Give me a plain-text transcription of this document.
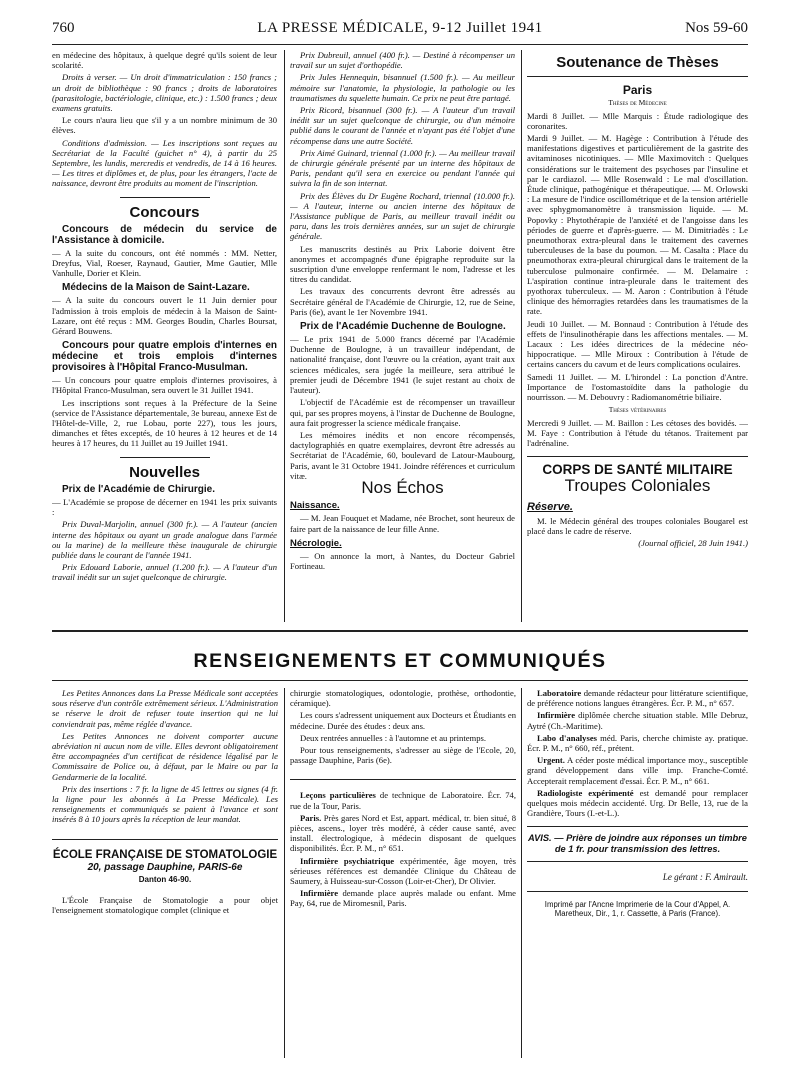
760	LA PRESSE MÉDICALE, 9-12 Juillet 1941	Nos 59-60

en médecine des hôpitaux, à quelque degré qu'ils soient de leur scolarité.

Droits à verser. — Un droit d'immatriculation : 150 francs ; un droit de bibliothèque : 90 francs ; droits de laboratoires (parasitologie, bactériologie, clinique, etc.) : 1.500 francs ; deux examens gratuits.

Le cours n'aura lieu que s'il y a un nombre minimum de 30 élèves.

Conditions d'admission. — Les inscriptions sont reçues au Secrétariat de la Faculté (guichet n° 4), à partir du 25 Septembre, les lundis, mercredis et vendredis, de 14 à 16 heures. — Les titres et diplômes et, de plus, pour les étrangers, l'acte de naissance, devront être produits au moment de l'inscription.

Concours
Concours de médecin du service de l'Assistance à domicile.

— A la suite du concours, ont été nommés : MM. Netter, Dreyfus, Vial, Roeser, Raynaud, Gautier, Mme Gautier, Mlle Vanhulle, Dorier et Klein.

Médecins de la Maison de Saint-Lazare.

— A la suite du concours ouvert le 11 Juin dernier pour l'admission à trois emplois de médecin à la Maison de Saint-Lazare, ont été reçus : MM. Georges Boudin, Charles Boursat, Gérard Bouwens.

Concours pour quatre emplois d'internes en médecine et trois emplois d'internes provisoires à l'Hôpital Franco-Musulman.

— Un concours pour quatre emplois d'internes provisoires, à l'Hôpital Franco-Musulman, sera ouvert le 31 Juillet 1941.

Les inscriptions sont reçues à la Préfecture de la Seine (service de l'Assistance départementale, 3e bureau, annexe Est de l'Hôtel-de-Ville, 2, rue Lobau, porte 227), tous les jours, dimanches et fêtes exceptés, de 10 heures à 12 heures et de 14 heures à 17 heures, du 11 Juillet au 19 Juillet 1941.

Nouvelles
Prix de l'Académie de Chirurgie.

— L'Académie se propose de décerner en 1941 les prix suivants :

Prix Duval-Marjolin, annuel (300 fr.). — A l'auteur (ancien interne des hôpitaux ou ayant un grade analogue dans l'armée ou la marine) de la meilleure thèse inaugurale de chirurgie publiée dans le courant de l'année 1941.

Prix Edouard Laborie, annuel (1.200 fr.). — A l'auteur d'un travail inédit sur un sujet quelconque de chirurgie.

Prix Dubreuil, annuel (400 fr.). — Destiné à récompenser un travail sur un sujet d'orthopédie.

Prix Jules Hennequin, bisannuel (1.500 fr.). — Au meilleur mémoire sur l'anatomie, la physiologie, la pathologie ou les traumatismes du squelette humain. Ce prix ne peut être partagé.

Prix Ricord, bisannuel (300 fr.). — A l'auteur d'un travail inédit sur un sujet quelconque de chirurgie, ou d'un mémoire publié dans le courant de l'année et n'ayant pas été l'objet d'une récompense dans une autre Société.

Prix Aimé Guinard, triennal (1.000 fr.). — Au meilleur travail de chirurgie générale présenté par un interne des hôpitaux de Paris, pendant qu'il sera en exercice ou pendant l'année qui suivra la fin de son internat.

Prix des Élèves du Dr Eugène Rochard, triennal (10.000 fr.). — A l'auteur, interne ou ancien interne des hôpitaux de l'Assistance publique de Paris, au meilleur travail inédit ou paru, dans les trois dernières années, sur un sujet de chirurgie générale.

Les manuscrits destinés au Prix Laborie doivent être anonymes et accompagnés d'une épigraphe reproduite sur la suscription d'une enveloppe renfermant le nom, l'adresse et les titres du candidat.

Les travaux des concurrents devront être adressés au Secrétaire général de l'Académie de Chirurgie, 12, rue de Seine, Paris (6e), avant le 1er Novembre 1941.

Prix de l'Académie Duchenne de Boulogne.

— Le prix 1941 de 5.000 francs décerné par l'Académie Duchenne de Boulogne, à un travailleur indépendant, de nationalité française, dont l'œuvre ou la création, ayant trait aux sciences médicales, sera jugée la meilleure, sera attribué le premier jeudi de Décembre 1941 (le sujet restant au choix de l'auteur).

L'objectif de l'Académie est de récompenser un travailleur qui, par ses propres moyens, à l'instar de Duchenne de Boulogne, aura fait progresser la science médicale française.

Les mémoires inédits et non encore récompensés, dactylographiés en quatre exemplaires, devront être adressés au Secrétariat de l'Académie, 60, boulevard de Latour-Maubourg, Paris, avant le 31 Octobre 1941. Joindre références et curriculum vitæ.

Nos Échos
Naissance.

— M. Jean Fouquet et Madame, née Brochet, sont heureux de faire part de la naissance de leur fille Anne.

Nécrologie.

— On annonce la mort, à Nantes, du Docteur Gabriel Fortineau.

Soutenance de Thèses
Paris
Thèses de Médecine

Mardi 8 Juillet. — Mlle Marquis : Étude radiologique des coronarites.

Mardi 9 Juillet. — M. Hagège : Contribution à l'étude des manifestations digestives et particulièrement de la gastrite des avitaminoses nicotiniques. — Mlle Maximovitch : Quelques considérations sur le traitement des psychoses par l'insuline et par le cardiazol. — Mlle Rosenwald : Le mal d'oscillation. Étude clinique, pathogénique et thérapeutique. — M. Orlowski : La mesure de l'indice oscillométrique et de la tension artérielle avec sphygmomanomètre à transmission liquide. — M. Popovky : Phytothérapie de l'anxiété et de l'angoisse dans les périodes de guerre et d'après-guerre. — M. Dimitriadès : Le pneumothorax extra-pleural dans le traitement des cavernes tuberculeuses de la base du poumon. — M. Casalta : Place du pneumothorax extra-pleural chirurgical dans le traitement de la tuberculose pulmonaire confirmée. — M. Delamaire : L'aspiration continue intra-pleurale dans le traitement des pyothorax tuberculeux. — M. Aaron : Contribution à l'étude clinique des hémorragies retardées dans les traumatismes de la rate.

Jeudi 10 Juillet. — M. Bonnaud : Contribution à l'étude des effets de l'insulinothérapie dans les affections mentales. — M. Lacaux : Les idées directrices de la médecine néo-hippocratique. — Mlle Miroux : Contribution à l'étude de certains cancers du cavum et de leurs complications oculaires.

Samedi 11 Juillet. — M. L'hirondel : La ponction d'Antre. Importance de l'ostomastoïdite dans la pathologie du nourrisson. — M. Debouvry : Radiomanométrie biliaire.

Thèses vétérinaires

Mercredi 9 Juillet. — M. Baillon : Les cétoses des bovidés. — M. Faye : Contribution à l'étude du tétanos. Traitement par l'adrénaline.

CORPS DE SANTÉ MILITAIRE
Troupes Coloniales
Réserve.

M. le Médecin général des troupes coloniales Bougarel est placé dans le cadre de réserve.

(Journal officiel, 28 Juin 1941.)

RENSEIGNEMENTS ET COMMUNIQUÉS

Les Petites Annonces dans La Presse Médicale sont acceptées sous réserve d'un contrôle extrêmement sérieux. L'Administration se réserve le droit de refuser toute insertion qui ne lui conviendrait pas, même réglée d'avance.

Les Petites Annonces ne doivent comporter aucune abréviation ni aucun nom de ville. Elles devront obligatoirement être accompagnées d'un certificat de résidence légalisé par le Commissaire de Police ou, à défaut, par le Maire ou par la Gendarmerie de la localité.

Prix des insertions : 7 fr. la ligne de 45 lettres ou signes (4 fr. la ligne pour les abonnés à La Presse Médicale). Les renseignements et communiqués se paient à l'avance et sont insérés 8 à 10 jours après la réception de leur mandat.

ÉCOLE FRANÇAISE DE STOMATOLOGIE
20, passage Dauphine, PARIS-6e
Danton 46-90.

L'École Française de Stomatologie a pour objet l'enseignement stomatologique complet (clinique et

chirurgie stomatologiques, odontologie, prothèse, orthodontie, céramique).

Les cours s'adressent uniquement aux Docteurs et Étudiants en médecine. Durée des études : deux ans.

Deux rentrées annuelles : à l'automne et au printemps.

Pour tous renseignements, s'adresser au siège de l'Ecole, 20, passage Dauphine, Paris (6e).

Leçons particulières de technique de Laboratoire. Écr. 74, rue de la Tour, Paris.

Paris. Près gares Nord et Est, appart. médical, tr. bien situé, 8 pièces, ascens., loyer très modéré, à céder cause santé, avec install. électrologique, à médecin disposant de quelques disponibilités. Écr. P. M., n° 651.

Infirmière psychiatrique expérimentée, âge moyen, très sérieuses références est demandée Clinique du Château de Saumery, à Huisseau-sur-Cosson (Loir-et-Cher), Dr Olivier.

Infirmière demande place auprès malade ou enfant. Mme Pay, 64, rue de Miromesnil, Paris.

Laboratoire demande rédacteur pour littérature scientifique, de préférence notions langues étrangères. Écr. P. M., n° 657.

Infirmière diplômée cherche situation stable. Mlle Debruz, Aytré (Ch.-Maritime).

Labo d'analyses méd. Paris, cherche chimiste ay. pratique. Écr. P. M., n° 660, réf., prétent.

Urgent. A céder poste médical importance moy., susceptible grand développement dans ville imp. Franche-Comté. Accepterait remplacement d'essai. Écr. P. M., n° 661.

Radiologiste expérimenté est demandé pour remplacer quelques mois médecin accidenté. Urg. Dr Belle, 13, rue de la Grandière, Tours (I.-et-L.).

AVIS. — Prière de joindre aux réponses un timbre de 1 fr. pour transmission des lettres.
Le gérant : F. Amirault.
Imprimé par l'Ancne Imprimerie de la Cour d'Appel, A. Maretheux, Dir., 1, r. Cassette, à Paris (France).
